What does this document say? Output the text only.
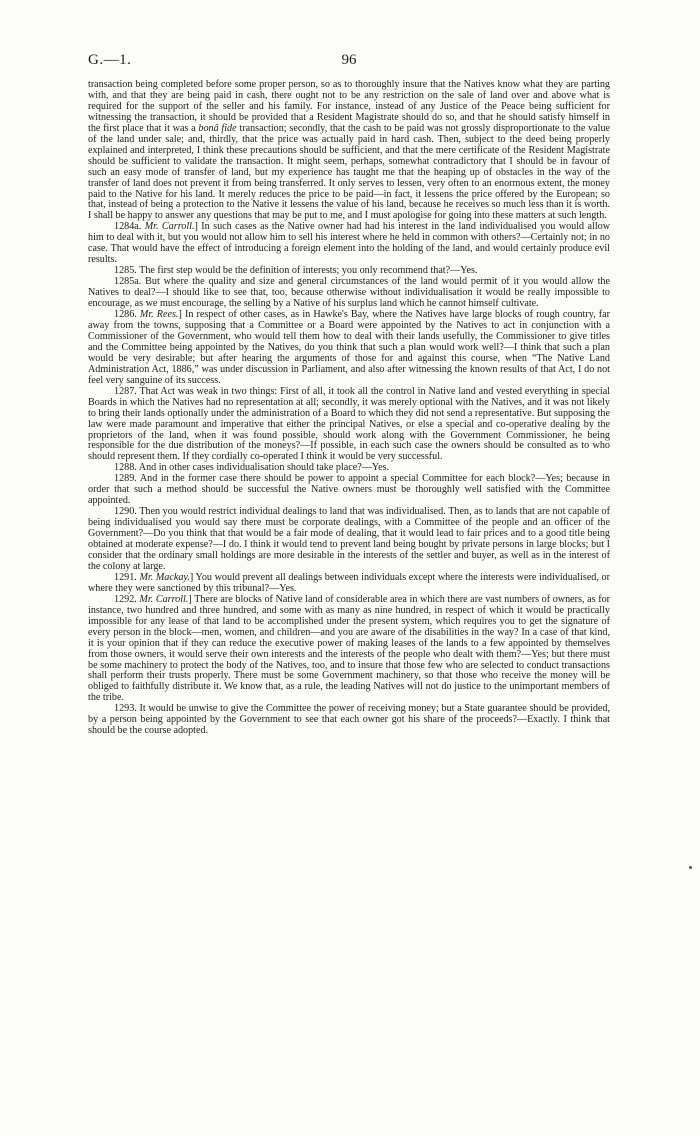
G.—1.	96

transaction being completed before some proper person, so as to thoroughly insure that the Natives know what they are parting with, and that they are being paid in cash, there ought not to be any restriction on the sale of land over and above what is required for the support of the seller and his family. For instance, instead of any Justice of the Peace being sufficient for witnessing the transaction, it should be provided that a Resident Magistrate should do so, and that he should satisfy himself in the first place that it was a bonâ fide transaction; secondly, that the cash to be paid was not grossly disproportionate to the value of the land under sale; and, thirdly, that the price was actually paid in hard cash. Then, subject to the deed being properly explained and interpreted, I think these precautions should be sufficient, and that the mere certificate of the Resident Magistrate should be sufficient to validate the transaction. It might seem, perhaps, somewhat contradictory that I should be in favour of such an easy mode of transfer of land, but my experience has taught me that the heaping up of obstacles in the way of the transfer of land does not prevent it from being transferred. It only serves to lessen, very often to an enormous extent, the money paid to the Native for his land. It merely reduces the price to be paid—in fact, it lessens the price offered by the European; so that, instead of being a protection to the Native it lessens the value of his land, because he receives so much less than it is worth. I shall be happy to answer any questions that may be put to me, and I must apologise for going into these matters at such length.

1284a. Mr. Carroll.] In such cases as the Native owner had had his interest in the land individualised you would allow him to deal with it, but you would not allow him to sell his interest where he held in common with others?—Certainly not; in no case. That would have the effect of introducing a foreign element into the holding of the land, and would certainly produce evil results.

1285. The first step would be the definition of interests; you only recommend that?—Yes.

1285a. But where the quality and size and general circumstances of the land would permit of it you would allow the Natives to deal?—I should like to see that, too, because otherwise without individualisation it would be really impossible to encourage, as we must encourage, the selling by a Native of his surplus land which he cannot himself cultivate.

1286. Mr. Rees.] In respect of other cases, as in Hawke's Bay, where the Natives have large blocks of rough country, far away from the towns, supposing that a Committee or a Board were appointed by the Natives to act in conjunction with a Commissioner of the Government, who would tell them how to deal with their lands usefully, the Commissioner to give titles and the Committee being appointed by the Natives, do you think that such a plan would work well?—I think that such a plan would be very desirable; but after hearing the arguments of those for and against this course, when “The Native Land Administration Act, 1886,” was under discussion in Parliament, and also after witnessing the known results of that Act, I do not feel very sanguine of its success.

1287. That Act was weak in two things: First of all, it took all the control in Native land and vested everything in special Boards in which the Natives had no representation at all; secondly, it was merely optional with the Natives, and it was not likely to bring their lands optionally under the administration of a Board to which they did not send a representative. But supposing the law were made paramount and imperative that either the principal Natives, or else a special and co-operative dealing by the proprietors of the land, when it was found possible, should work along with the Government Commissioner, he being responsible for the due distribution of the moneys?—If possible, in each such case the owners should be consulted as to who should represent them. If they cordially co-operated I think it would be very successful.

1288. And in other cases individualisation should take place?—Yes.

1289. And in the former case there should be power to appoint a special Committee for each block?—Yes; because in order that such a method should be successful the Native owners must be thoroughly well satisfied with the Committee appointed.

1290. Then you would restrict individual dealings to land that was individualised. Then, as to lands that are not capable of being individualised you would say there must be corporate dealings, with a Committee of the people and an officer of the Government?—Do you think that that would be a fair mode of dealing, that it would lead to fair prices and to a good title being obtained at moderate expense?—I do. I think it would tend to prevent land being bought by private persons in large blocks; but I consider that the ordinary small holdings are more desirable in the interests of the settler and buyer, as well as in the interest of the colony at large.

1291. Mr. Mackay.] You would prevent all dealings between individuals except where the interests were individualised, or where they were sanctioned by this tribunal?—Yes.

1292. Mr. Carroll.] There are blocks of Native land of considerable area in which there are vast numbers of owners, as for instance, two hundred and three hundred, and some with as many as nine hundred, in respect of which it would be practically impossible for any lease of that land to be accomplished under the present system, which requires you to get the signature of every person in the block—men, women, and children—and you are aware of the disabilities in the way? In a case of that kind, it is your opinion that if they can reduce the executive power of making leases of the lands to a few appointed by themselves from those owners, it would serve their own interests and the interests of the people who dealt with them?—Yes; but there must be some machinery to protect the body of the Natives, too, and to insure that those few who are selected to conduct transactions shall perform their trusts properly. There must be some Government machinery, so that those who receive the money will be obliged to faithfully distribute it. We know that, as a rule, the leading Natives will not do justice to the unimportant members of the tribe.

1293. It would be unwise to give the Committee the power of receiving money; but a State guarantee should be provided, by a person being appointed by the Government to see that each owner got his share of the proceeds?—Exactly. I think that should be the course adopted.
